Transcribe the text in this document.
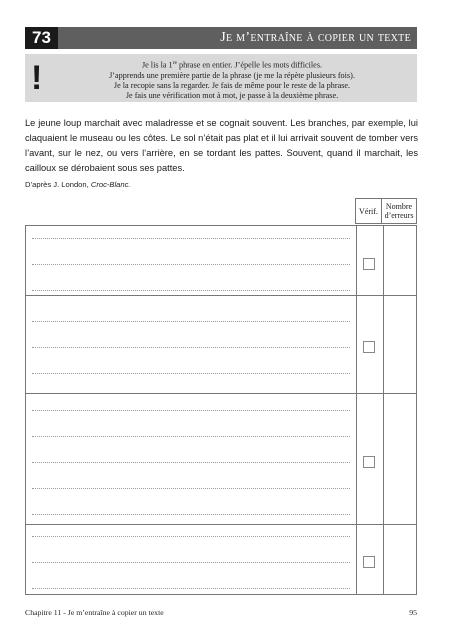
73	Je m’entraîne à copier un texte
!	Je lis la 1re phrase en entier. J’épelle les mots difficiles.
J’apprends une première partie de la phrase (je me la répète plusieurs fois).
Je la recopie sans la regarder. Je fais de même pour le reste de la phrase.
Je fais une vérification mot à mot, je passe à la deuxième phrase.
Le jeune loup marchait avec maladresse et se cognait souvent. Les branches, par exemple, lui claquaient le museau ou les côtes. Le sol n’était pas plat et il lui arrivait souvent de tomber vers l’avant, sur le nez, ou vers l’arrière, en se tordant les pattes. Souvent, quand il marchait, les cailloux se dérobaient sous ses pattes.
D’après J. London, Croc-Blanc.
Vérif. Nombre
d’erreurs
Chapitre 11 - Je m’entraîne à copier un texte	95
